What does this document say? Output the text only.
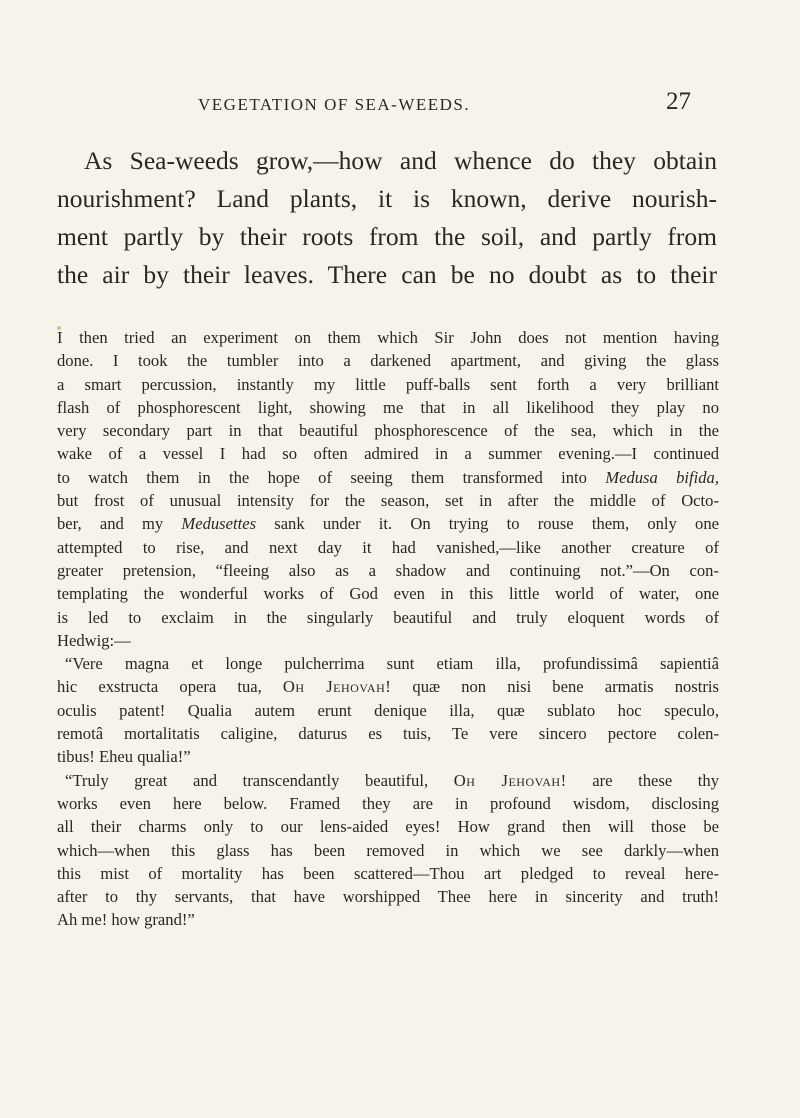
VEGETATION OF SEA-WEEDS.	27
As Sea-weeds grow,—how and whence do they obtain
nourishment? Land plants, it is known, derive nourish-
ment partly by their roots from the soil, and partly from
the air by their leaves. There can be no doubt as to their
I then tried an experiment on them which Sir John does not mention having
done. I took the tumbler into a darkened apartment, and giving the glass
a smart percussion, instantly my little puff-balls sent forth a very brilliant
flash of phosphorescent light, showing me that in all likelihood they play no
very secondary part in that beautiful phosphorescence of the sea, which in the
wake of a vessel I had so often admired in a summer evening.—I continued
to watch them in the hope of seeing them transformed into Medusa bifida,
but frost of unusual intensity for the season, set in after the middle of Octo-
ber, and my Medusettes sank under it. On trying to rouse them, only one
attempted to rise, and next day it had vanished,—like another creature of
greater pretension, “fleeing also as a shadow and continuing not.”—On con-
templating the wonderful works of God even in this little world of water, one
is led to exclaim in the singularly beautiful and truly eloquent words of
Hedwig:—
“Vere magna et longe pulcherrima sunt etiam illa, profundissimâ sapientiâ
hic exstructa opera tua, Oh Jehovah! quæ non nisi bene armatis nostris
oculis patent! Qualia autem erunt denique illa, quæ sublato hoc speculo,
remotâ mortalitatis caligine, daturus es tuis, Te vere sincero pectore colen-
tibus! Eheu qualia!”
“Truly great and transcendantly beautiful, Oh Jehovah! are these thy
works even here below. Framed they are in profound wisdom, disclosing
all their charms only to our lens-aided eyes! How grand then will those be
which—when this glass has been removed in which we see darkly—when
this mist of mortality has been scattered—Thou art pledged to reveal here-
after to thy servants, that have worshipped Thee here in sincerity and truth!
Ah me! how grand!”
